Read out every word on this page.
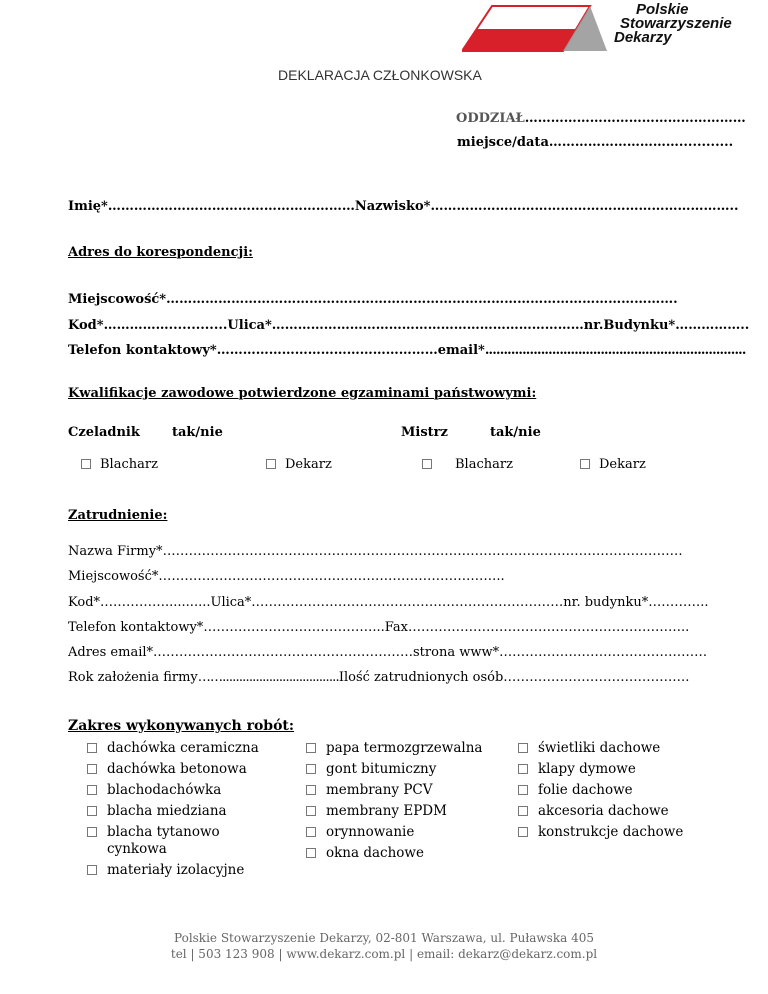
Polskie
Stowarzyszenie
Dekarzy
DEKLARACJA CZŁONKOWSKA
ODDZIAŁ ……………………………………………
miejsce/data …………………………............
Imię* ………………………………………………… Nazwisko* ……………………………………………………………..
Adres do korespondencji:
Miejscowość* ……………………………………………………………………………………………………….
Kod* ……………............. Ulica* ……………………………………………………………… nr.Budynku* ……………..
Telefon kontaktowy* …………………………………………… email* ......................................................................
Kwalifikacje zawodowe potwierdzone egzaminami państwowymi:
Czeladnik tak/nie	Mistrz	tak/nie
Blacharz	Dekarz	Blacharz	Dekarz
Zatrudnienie:
Nazwa Firmy* …………………………………………………………………………………………………………
Miejscowość* ……………………………………………………………………..
Kod* ……………........... Ulica* ……………………………………………………………… nr. budynku* …………..
Telefon kontaktowy* …………………………………... Fax ………………………………………………………..
Adres email* …………………………………………………… strona www* …………………………………………
Rok założenia firmy ……................................... Ilość zatrudnionych osób …………………………………….
Zakres wykonywanych robót:
dachówka ceramiczna
dachówka betonowa
blachodachówka
blacha miedziana
blacha tytanowo
cynkowa
materiały izolacyjne
papa termozgrzewalna
gont bitumiczny
membrany PCV
membrany EPDM
orynnowanie
okna dachowe
świetliki dachowe
klapy dymowe
folie dachowe
akcesoria dachowe
konstrukcje dachowe
Polskie Stowarzyszenie Dekarzy, 02-801 Warszawa, ul. Puławska 405
tel | 503 123 908 | www.dekarz.com.pl | email: dekarz@dekarz.com.pl
